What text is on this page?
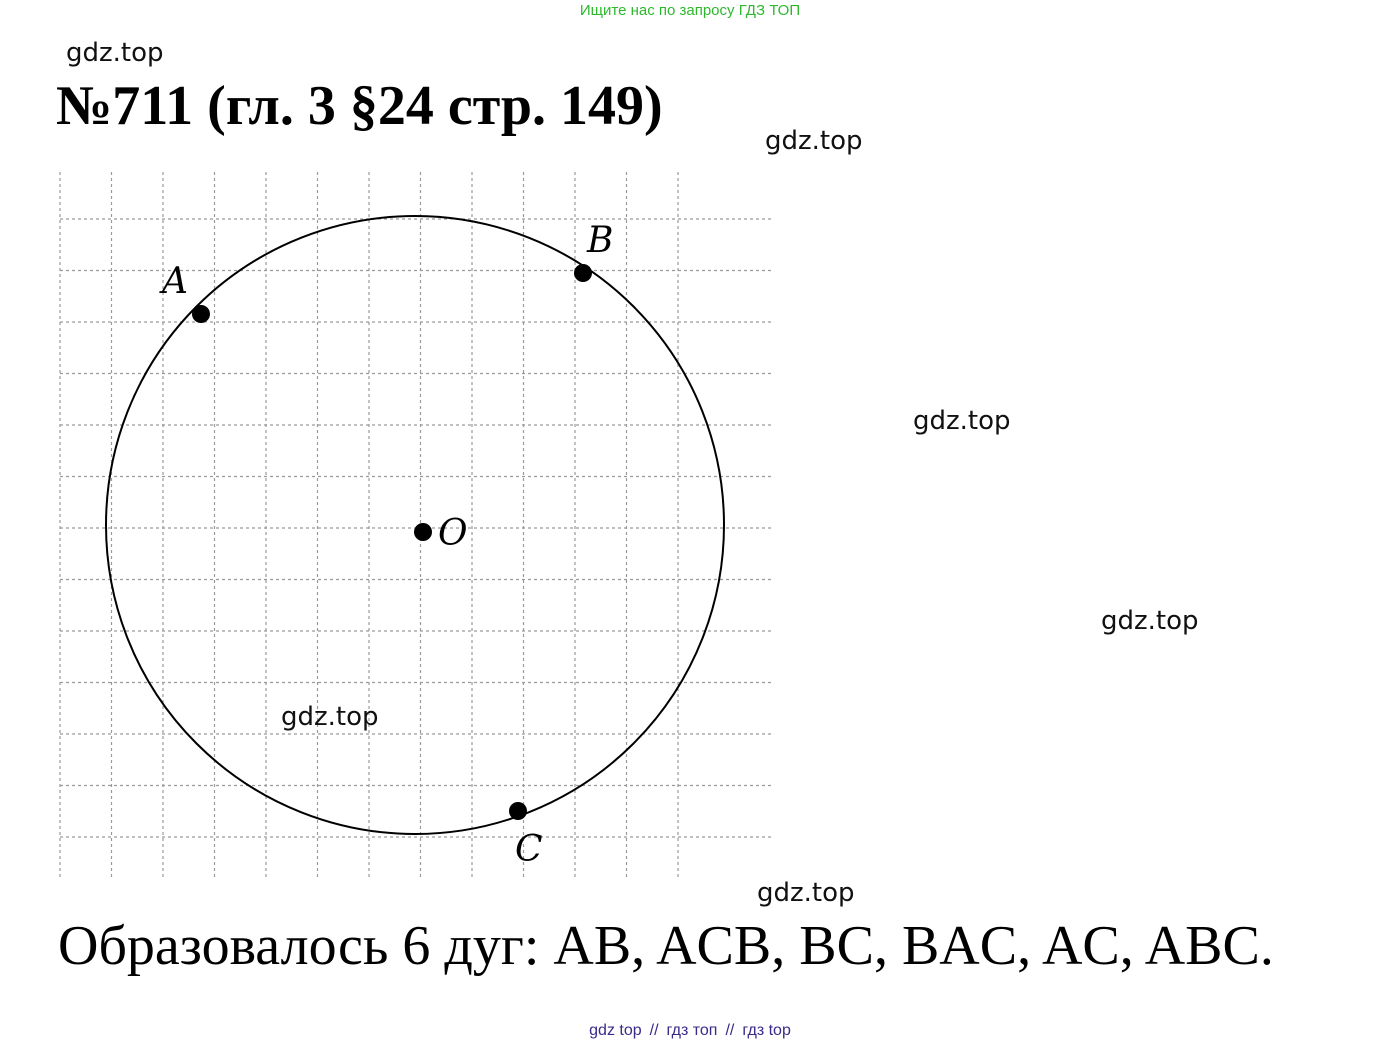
Ищите нас по запросу ГДЗ ТОП
gdz.top
№711 (гл. 3 §24 стр. 149)
gdz.top
A
B
C
O
gdz.top
gdz.top
gdz.top
gdz.top
Образовалось 6 дуг: AB, ACB, BC, BAC, AC, ABC.
gdz top // гдз топ // гдз top
